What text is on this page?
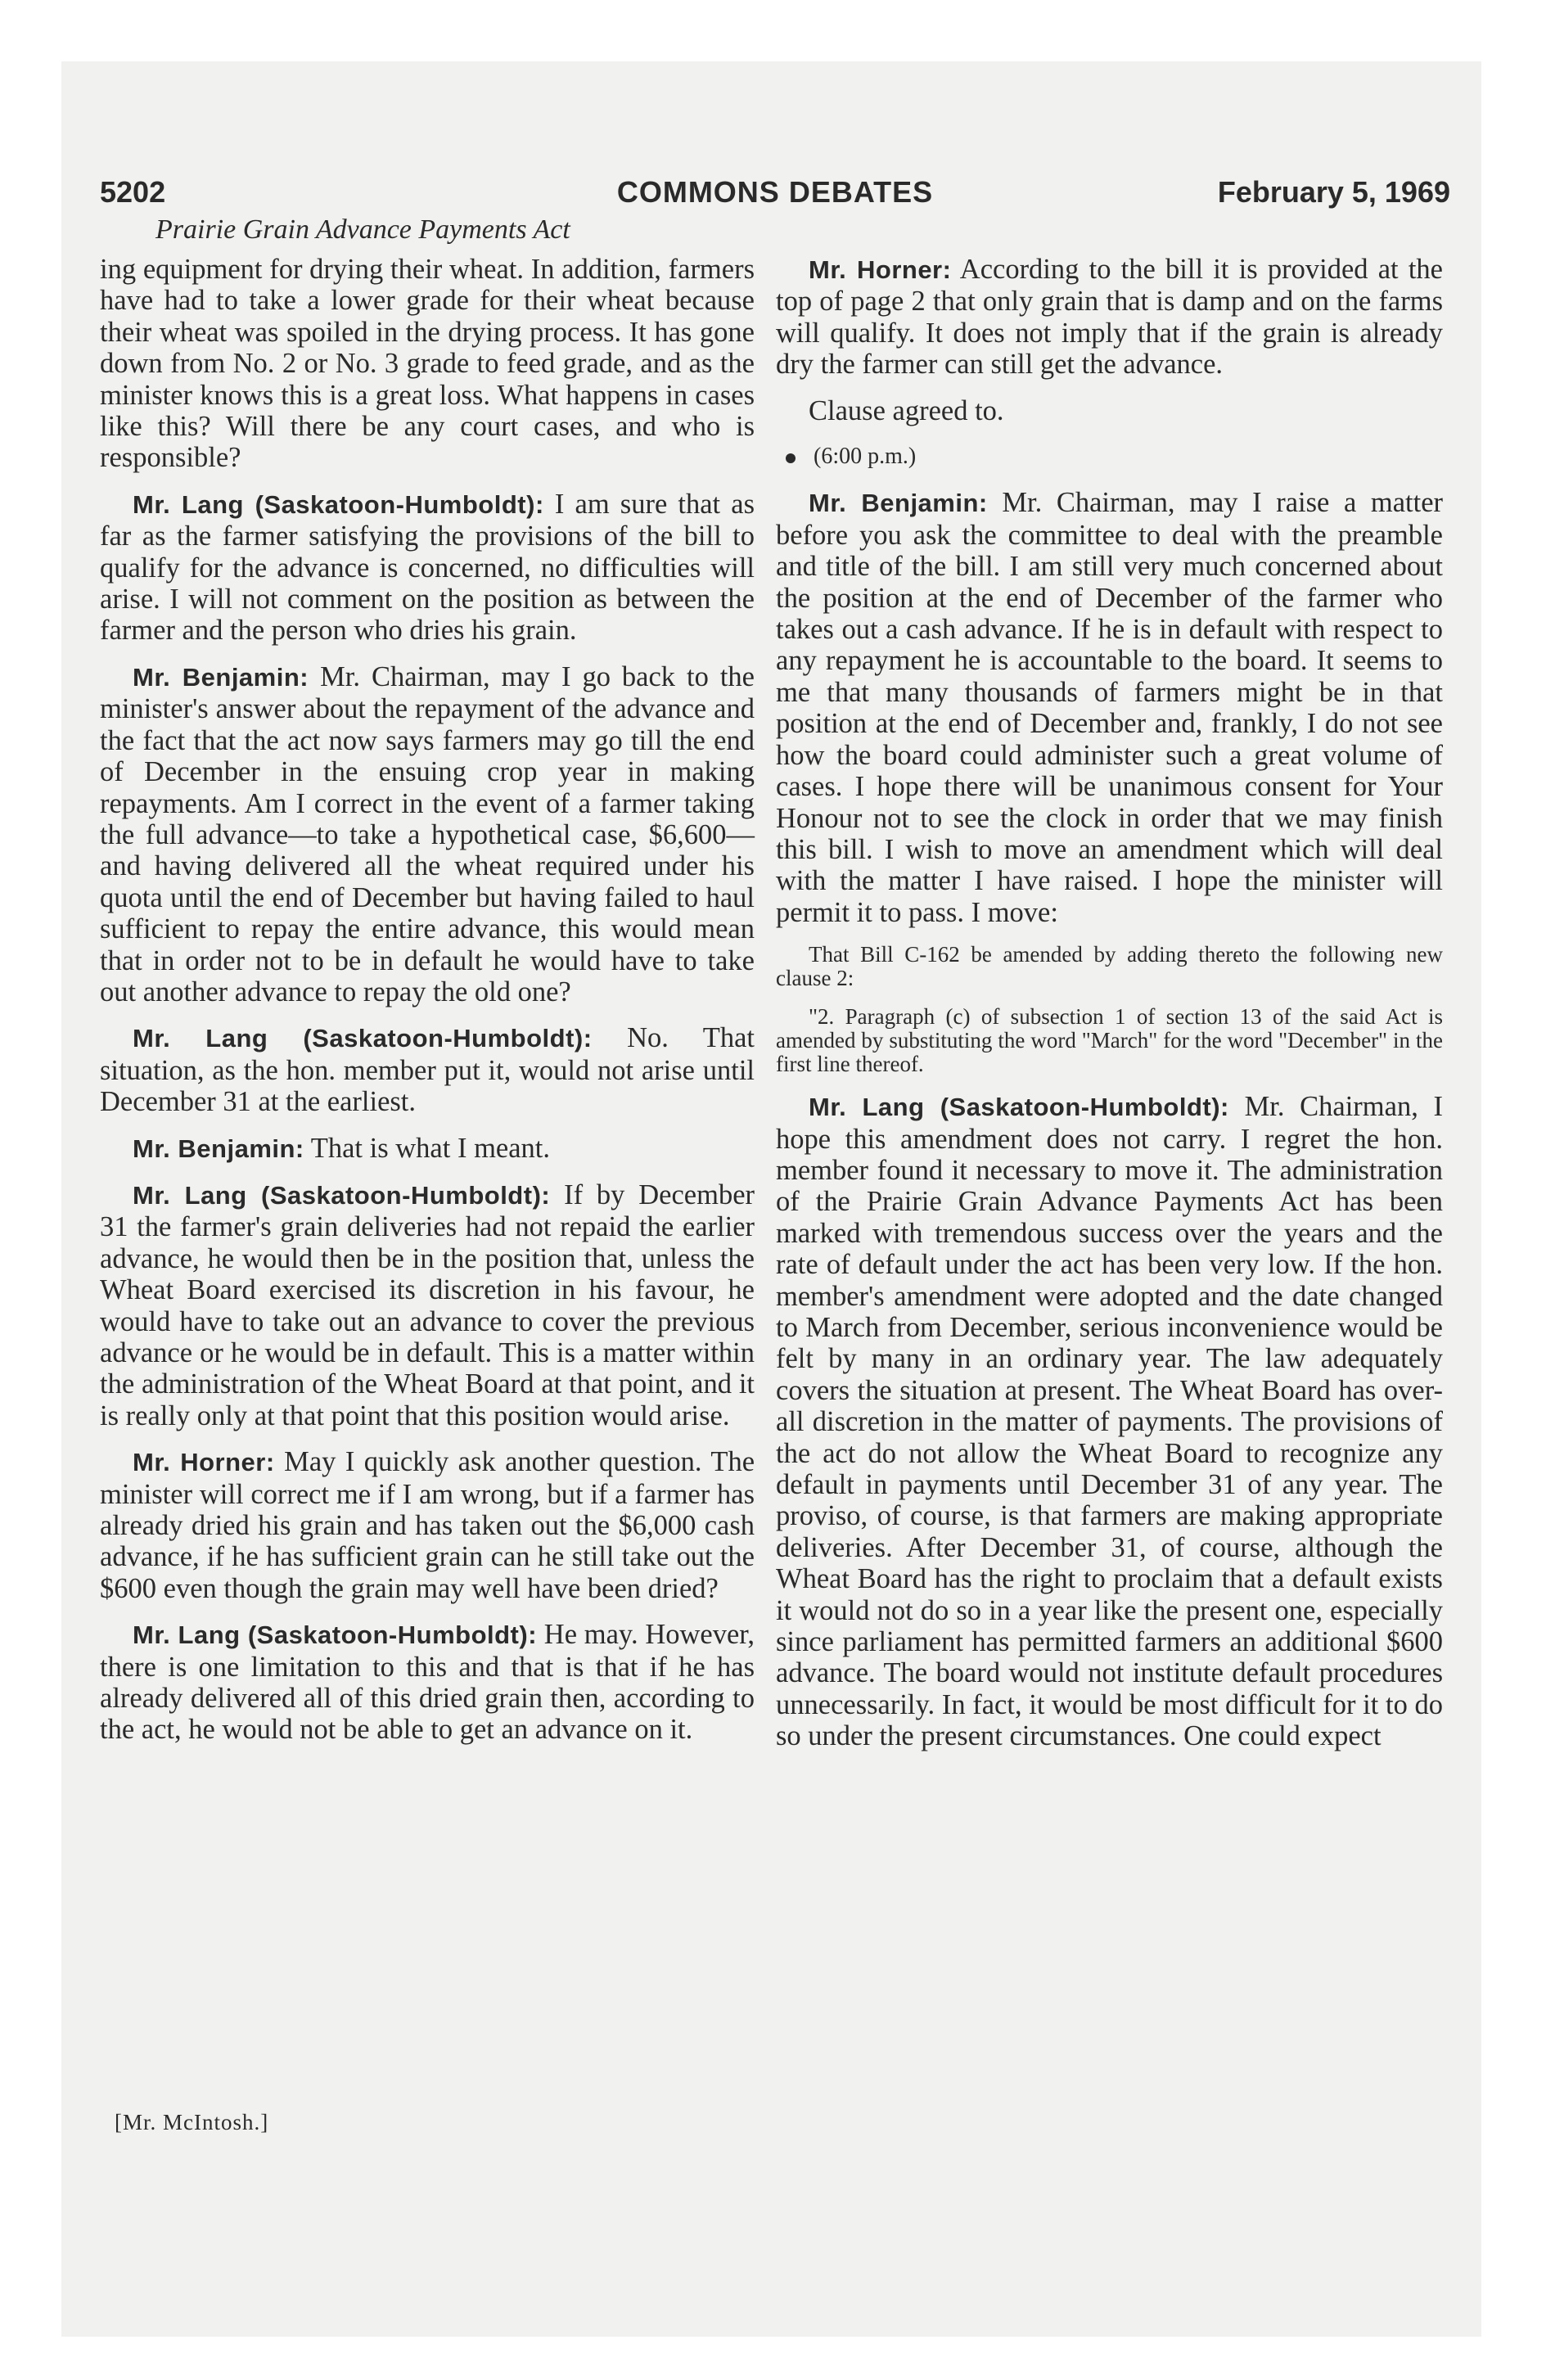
5202	COMMONS DEBATES	February 5, 1969
Prairie Grain Advance Payments Act

ing equipment for drying their wheat. In addition, farmers have had to take a lower grade for their wheat because their wheat was spoiled in the drying process. It has gone down from No. 2 or No. 3 grade to feed grade, and as the minister knows this is a great loss. What happens in cases like this? Will there be any court cases, and who is responsible?

Mr. Lang (Saskatoon-Humboldt): I am sure that as far as the farmer satisfying the provisions of the bill to qualify for the advance is concerned, no difficulties will arise. I will not comment on the position as between the farmer and the person who dries his grain.

Mr. Benjamin: Mr. Chairman, may I go back to the minister's answer about the repayment of the advance and the fact that the act now says farmers may go till the end of December in the ensuing crop year in making repayments. Am I correct in the event of a farmer taking the full advance—to take a hypothetical case, $6,600—and having delivered all the wheat required under his quota until the end of December but having failed to haul sufficient to repay the entire advance, this would mean that in order not to be in default he would have to take out another advance to repay the old one?

Mr. Lang (Saskatoon-Humboldt): No. That situation, as the hon. member put it, would not arise until December 31 at the earliest.

Mr. Benjamin: That is what I meant.

Mr. Lang (Saskatoon-Humboldt): If by December 31 the farmer's grain deliveries had not repaid the earlier advance, he would then be in the position that, unless the Wheat Board exercised its discretion in his favour, he would have to take out an advance to cover the previous advance or he would be in default. This is a matter within the administration of the Wheat Board at that point, and it is really only at that point that this position would arise.

Mr. Horner: May I quickly ask another question. The minister will correct me if I am wrong, but if a farmer has already dried his grain and has taken out the $6,000 cash advance, if he has sufficient grain can he still take out the $600 even though the grain may well have been dried?

Mr. Lang (Saskatoon-Humboldt): He may. However, there is one limitation to this and that is that if he has already delivered all of this dried grain then, according to the act, he would not be able to get an advance on it.

Mr. Horner: According to the bill it is provided at the top of page 2 that only grain that is damp and on the farms will qualify. It does not imply that if the grain is already dry the farmer can still get the advance.

Clause agreed to.

(6:00 p.m.)

Mr. Benjamin: Mr. Chairman, may I raise a matter before you ask the committee to deal with the preamble and title of the bill. I am still very much concerned about the position at the end of December of the farmer who takes out a cash advance. If he is in default with respect to any repayment he is accountable to the board. It seems to me that many thousands of farmers might be in that position at the end of December and, frankly, I do not see how the board could administer such a great volume of cases. I hope there will be unanimous consent for Your Honour not to see the clock in order that we may finish this bill. I wish to move an amendment which will deal with the matter I have raised. I hope the minister will permit it to pass. I move:

That Bill C-162 be amended by adding thereto the following new clause 2:

"2. Paragraph (c) of subsection 1 of section 13 of the said Act is amended by substituting the word "March" for the word "December" in the first line thereof.

Mr. Lang (Saskatoon-Humboldt): Mr. Chairman, I hope this amendment does not carry. I regret the hon. member found it necessary to move it. The administration of the Prairie Grain Advance Payments Act has been marked with tremendous success over the years and the rate of default under the act has been very low. If the hon. member's amendment were adopted and the date changed to March from December, serious inconvenience would be felt by many in an ordinary year. The law adequately covers the situation at present. The Wheat Board has over-all discretion in the matter of payments. The provisions of the act do not allow the Wheat Board to recognize any default in payments until December 31 of any year. The proviso, of course, is that farmers are making appropriate deliveries. After December 31, of course, although the Wheat Board has the right to proclaim that a default exists it would not do so in a year like the present one, especially since parliament has permitted farmers an additional $600 advance. The board would not institute default procedures unnecessarily. In fact, it would be most difficult for it to do so under the present circumstances. One could expect

[Mr. McIntosh.]
